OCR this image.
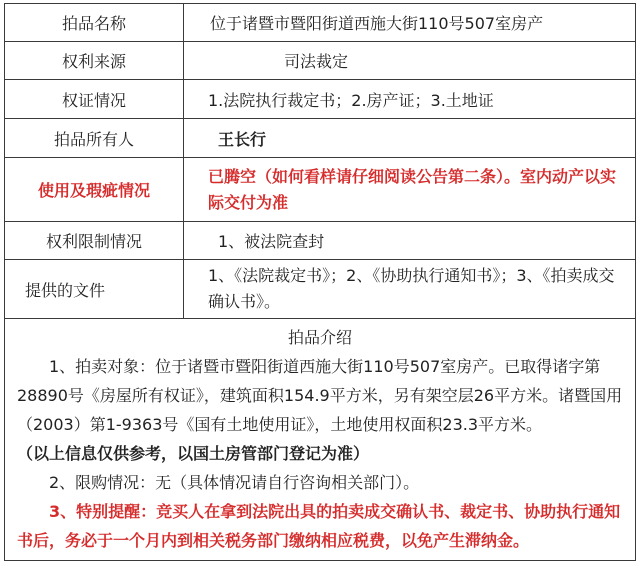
拍品名称	位于诸暨市暨阳街道西施大街110号507室房产
权利来源	司法裁定
权证情况	1.法院执行裁定书；2.房产证；3.土地证
拍品所有人	王长行
使用及瑕疵情况	已腾空（如何看样请仔细阅读公告第二条）。室内动产以实际交付为准
权利限制情况	1、被法院查封
提供的文件	1、《法院裁定书》；2、《协助执行通知书》；3、《拍卖成交确认书》。

拍品介绍
1、拍卖对象：位于诸暨市暨阳街道西施大街110号507室房产。已取得诸字第28890号《房屋所有权证》，建筑面积154.9平方米，另有架空层26平方米。诸暨国用（2003）第1-9363号《国有土地使用证》，土地使用权面积23.3平方米。
（以上信息仅供参考，以国土房管部门登记为准）
2、限购情况：无（具体情况请自行咨询相关部门）。
3、特别提醒：竞买人在拿到法院出具的拍卖成交确认书、裁定书、协助执行通知书后，务必于一个月内到相关税务部门缴纳相应税费，以免产生滞纳金。	
